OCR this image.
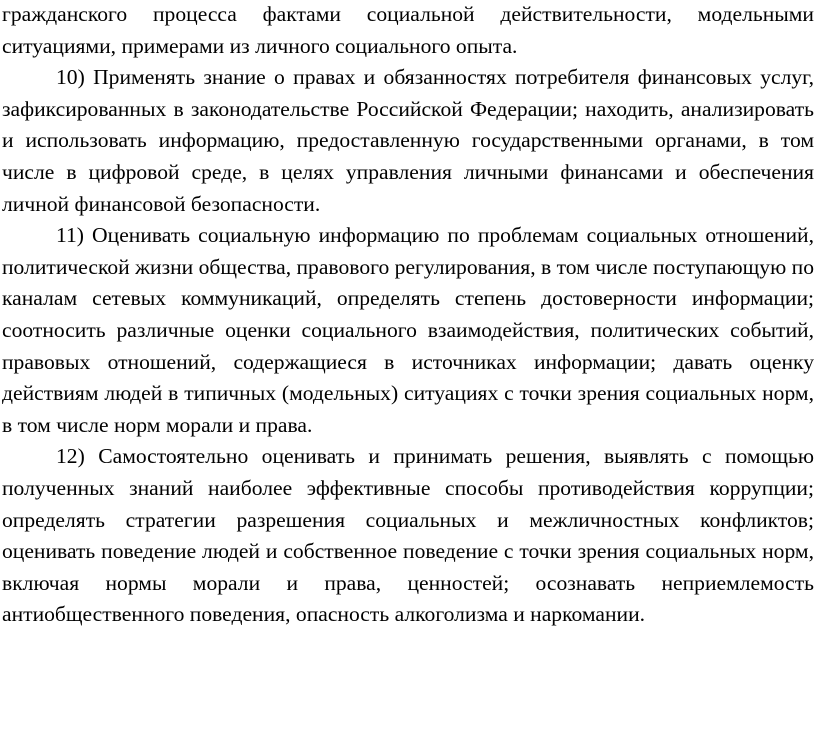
гражданского процесса фактами социальной действительности, модельными ситуациями, примерами из личного социального опыта.

10) Применять знание о правах и обязанностях потребителя финансовых услуг, зафиксированных в законодательстве Российской Федерации; находить, анализировать и использовать информацию, предоставленную государственными органами, в том числе в цифровой среде, в целях управления личными финансами и обеспечения личной финансовой безопасности.

11) Оценивать социальную информацию по проблемам социальных отношений, политической жизни общества, правового регулирования, в том числе поступающую по каналам сетевых коммуникаций, определять степень достоверности информации; соотносить различные оценки социального взаимодействия, политических событий, правовых отношений, содержащиеся в источниках информации; давать оценку действиям людей в типичных (модельных) ситуациях с точки зрения социальных норм, в том числе норм морали и права.

12) Самостоятельно оценивать и принимать решения, выявлять с помощью полученных знаний наиболее эффективные способы противодействия коррупции; определять стратегии разрешения социальных и межличностных конфликтов; оценивать поведение людей и собственное поведение с точки зрения социальных норм, включая нормы морали и права, ценностей; осознавать неприемлемость антиобщественного поведения, опасность алкоголизма и наркомании.
